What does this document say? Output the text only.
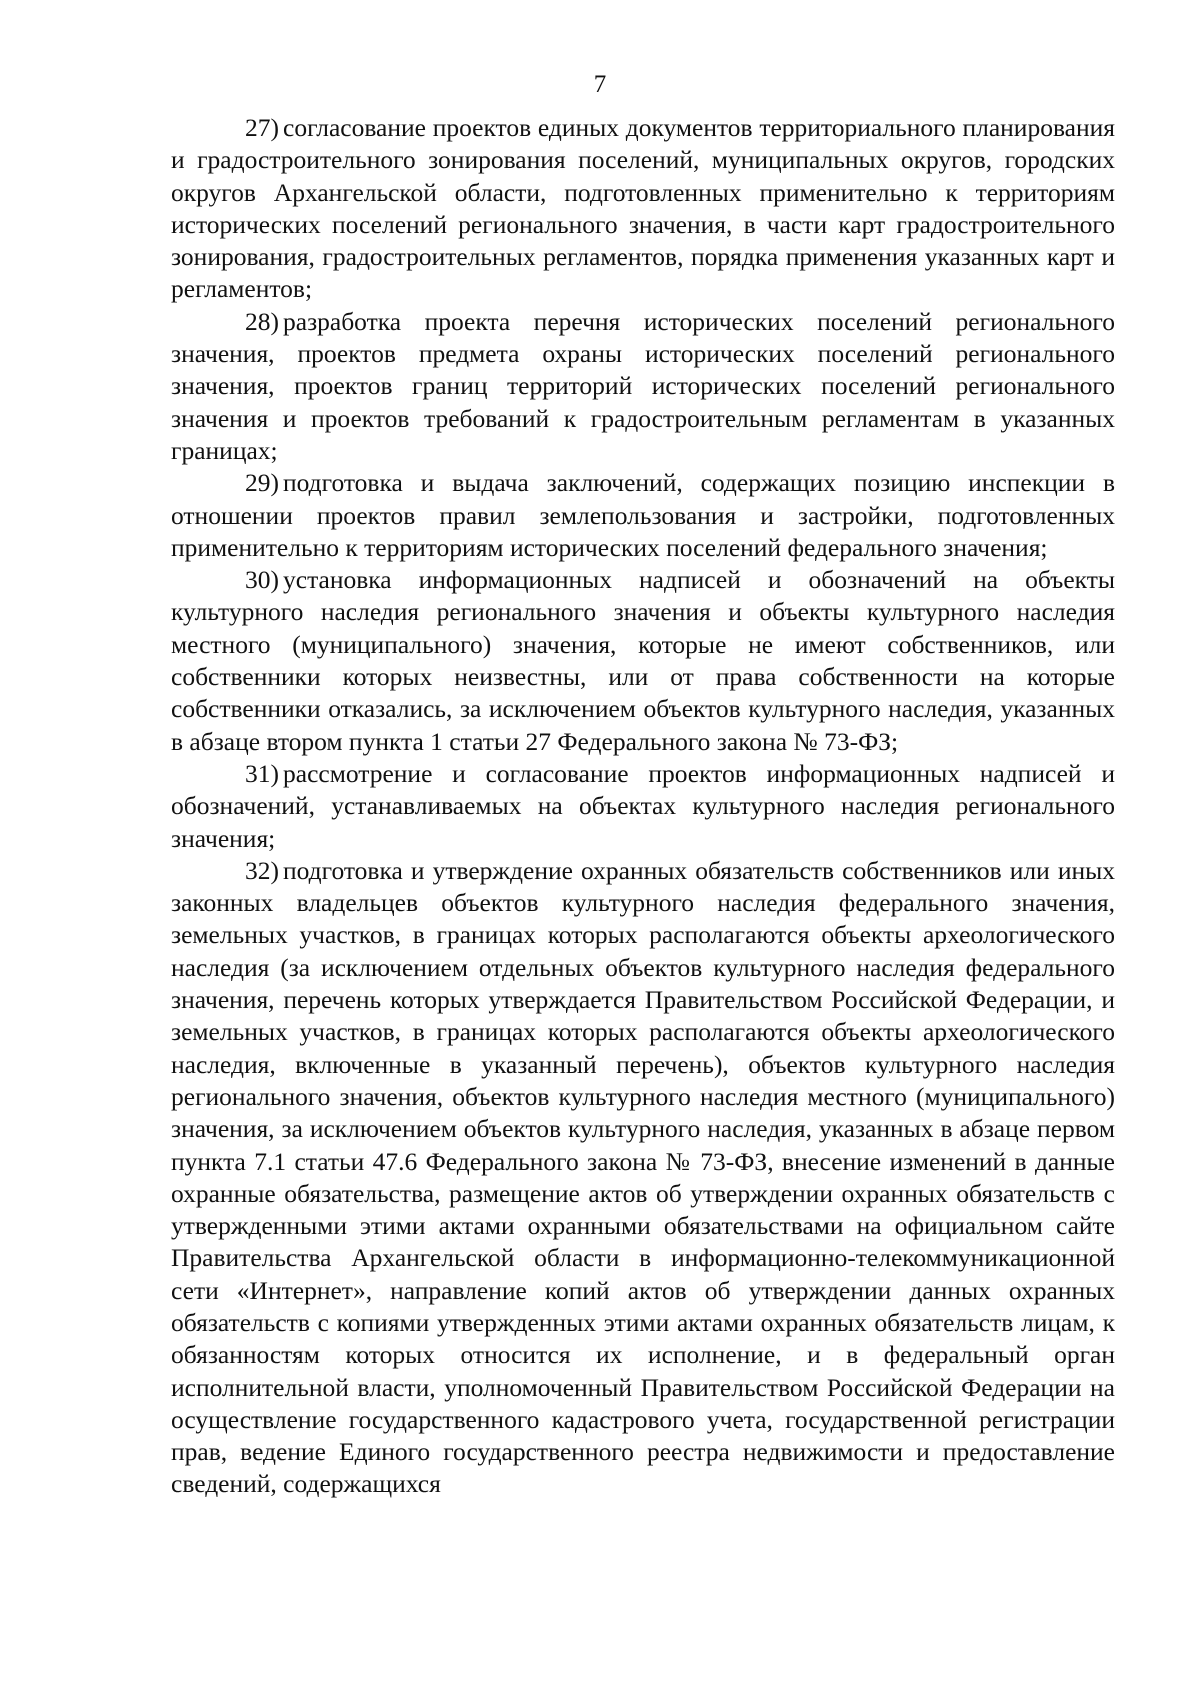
7

27) согласование проектов единых документов территориального планирования и градостроительного зонирования поселений, муниципальных округов, городских округов Архангельской области, подготовленных применительно к территориям исторических поселений регионального значения, в части карт градостроительного зонирования, градостроительных регламентов, порядка применения указанных карт и регламентов;

28) разработка проекта перечня исторических поселений регионального значения, проектов предмета охраны исторических поселений регионального значения, проектов границ территорий исторических поселений регионального значения и проектов требований к градостроительным регламентам в указанных границах;

29) подготовка и выдача заключений, содержащих позицию инспекции в отношении проектов правил землепользования и застройки, подготовленных применительно к территориям исторических поселений федерального значения;

30) установка информационных надписей и обозначений на объекты культурного наследия регионального значения и объекты культурного наследия местного (муниципального) значения, которые не имеют собственников, или собственники которых неизвестны, или от права собственности на которые собственники отказались, за исключением объектов культурного наследия, указанных в абзаце втором пункта 1 статьи 27 Федерального закона № 73-ФЗ;

31) рассмотрение и согласование проектов информационных надписей и обозначений, устанавливаемых на объектах культурного наследия регионального значения;

32) подготовка и утверждение охранных обязательств собственников или иных законных владельцев объектов культурного наследия федерального значения, земельных участков, в границах которых располагаются объекты археологического наследия (за исключением отдельных объектов культурного наследия федерального значения, перечень которых утверждается Правительством Российской Федерации, и земельных участков, в границах которых располагаются объекты археологического наследия, включенные в указанный перечень), объектов культурного наследия регионального значения, объектов культурного наследия местного (муниципального) значения, за исключением объектов культурного наследия, указанных в абзаце первом пункта 7.1 статьи 47.6 Федерального закона № 73-ФЗ, внесение изменений в данные охранные обязательства, размещение актов об утверждении охранных обязательств с утвержденными этими актами охранными обязательствами на официальном сайте Правительства Архангельской области в информационно-телекоммуникационной сети «Интернет», направление копий актов об утверждении данных охранных обязательств с копиями утвержденных этими актами охранных обязательств лицам, к обязанностям которых относится их исполнение, и в федеральный орган исполнительной власти, уполномоченный Правительством Российской Федерации на осуществление государственного кадастрового учета, государственной регистрации прав, ведение Единого государственного реестра недвижимости и предоставление сведений, содержащихся
